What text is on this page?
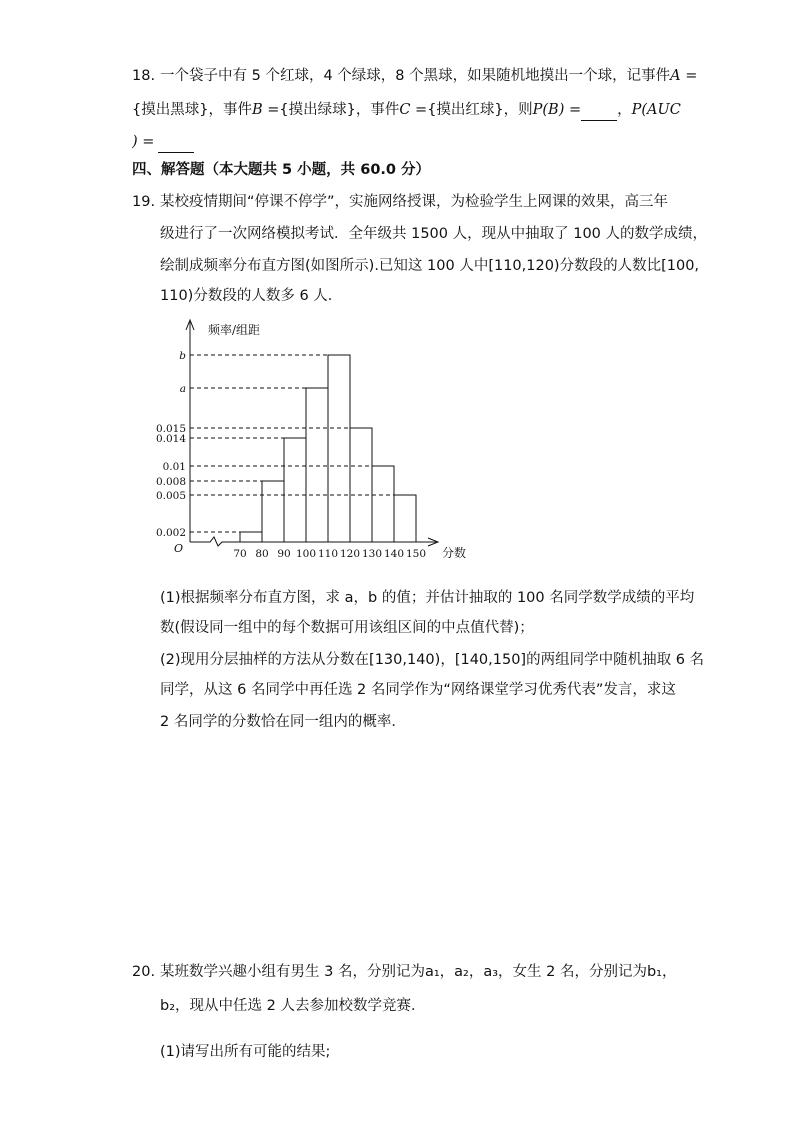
18. 一个袋子中有 5 个红球，4 个绿球，8 个黑球，如果随机地摸出一个球，记事件A =
{摸出黑球}，事件B ={摸出绿球}，事件C ={摸出红球}，则P(B) = ，P(AUC
) =
四、解答题（本大题共 5 小题，共 60.0 分）
19. 某校疫情期间“停课不停学”，实施网络授课，为检验学生上网课的效果，高三年
级进行了一次网络模拟考试．全年级共 1500 人，现从中抽取了 100 人的数学成绩，
绘制成频率分布直方图(如图所示).已知这 100 人中[110,120)分数段的人数比[100,
110)分数段的人数多 6 人．
频率/组距
分数
O
0.002
0.008
0.014
a
b
0.015
0.01
0.005
70 80 90 100 110 120 130 140 150
(1)根据频率分布直方图，求 a，b 的值；并估计抽取的 100 名同学数学成绩的平均
数(假设同一组中的每个数据可用该组区间的中点值代替)；
(2)现用分层抽样的方法从分数在[130,140)，[140,150]的两组同学中随机抽取 6 名
同学，从这 6 名同学中再任选 2 名同学作为“网络课堂学习优秀代表”发言，求这
2 名同学的分数恰在同一组内的概率．
20. 某班数学兴趣小组有男生 3 名，分别记为a₁，a₂，a₃，女生 2 名，分别记为b₁，
b₂，现从中任选 2 人去参加校数学竞赛．
(1)请写出所有可能的结果;
